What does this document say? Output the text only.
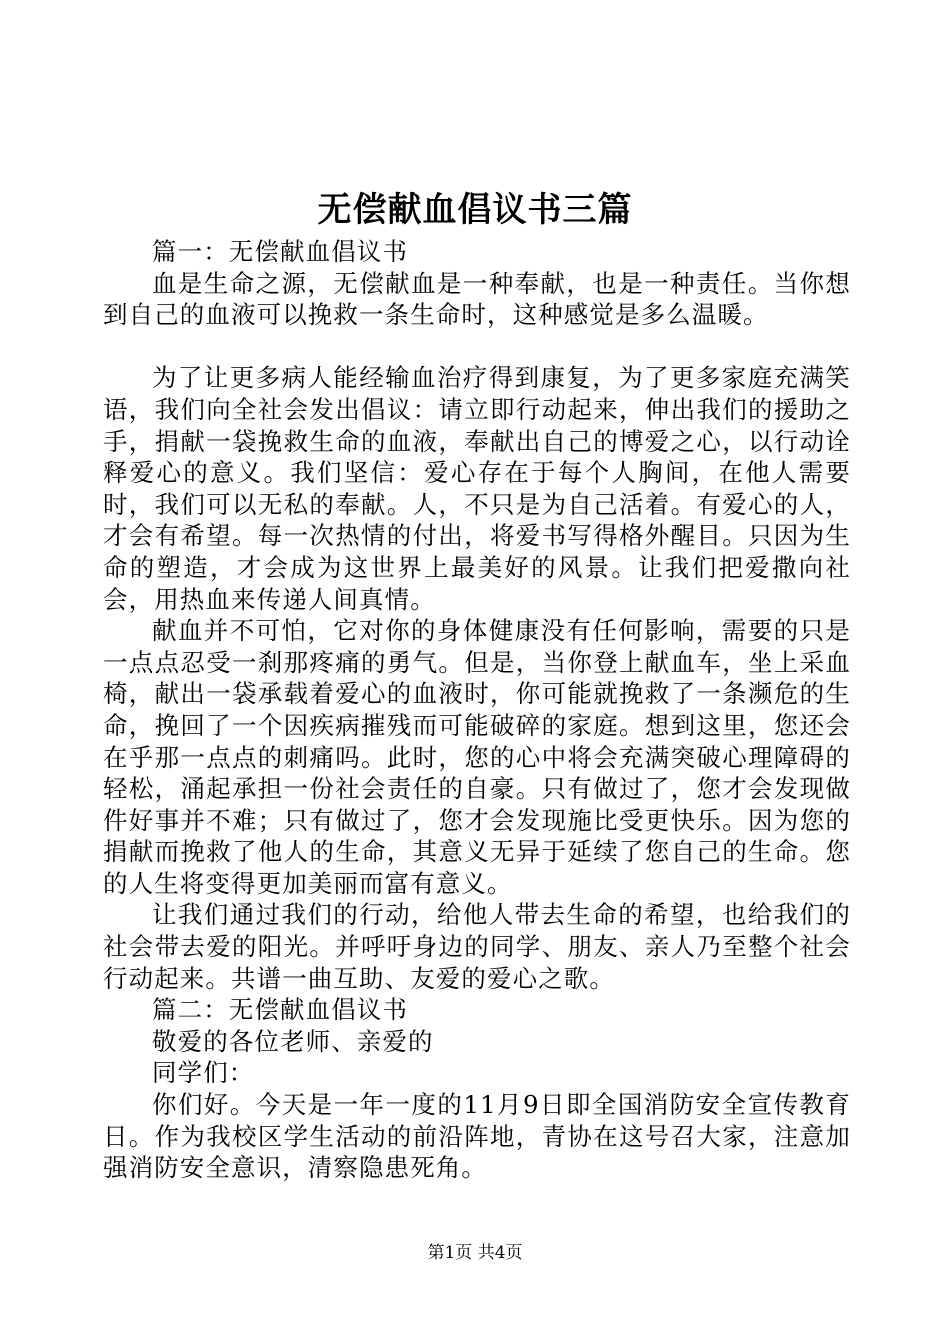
无偿献血倡议书三篇

篇一：无偿献血倡议书

血是生命之源，无偿献血是一种奉献，也是一种责任。当你想到自己的血液可以挽救一条生命时，这种感觉是多么温暖。

为了让更多病人能经输血治疗得到康复，为了更多家庭充满笑语，我们向全社会发出倡议：请立即行动起来，伸出我们的援助之手，捐献一袋挽救生命的血液，奉献出自己的博爱之心，以行动诠释爱心的意义。我们坚信：爱心存在于每个人胸间，在他人需要时，我们可以无私的奉献。人，不只是为自己活着。有爱心的人，才会有希望。每一次热情的付出，将爱书写得格外醒目。只因为生命的塑造，才会成为这世界上最美好的风景。让我们把爱撒向社会，用热血来传递人间真情。

献血并不可怕，它对你的身体健康没有任何影响，需要的只是一点点忍受一刹那疼痛的勇气。但是，当你登上献血车，坐上采血椅，献出一袋承载着爱心的血液时，你可能就挽救了一条濒危的生命，挽回了一个因疾病摧残而可能破碎的家庭。想到这里，您还会在乎那一点点的刺痛吗。此时，您的心中将会充满突破心理障碍的轻松，涌起承担一份社会责任的自豪。只有做过了，您才会发现做件好事并不难；只有做过了，您才会发现施比受更快乐。因为您的捐献而挽救了他人的生命，其意义无异于延续了您自己的生命。您的人生将变得更加美丽而富有意义。

让我们通过我们的行动，给他人带去生命的希望，也给我们的社会带去爱的阳光。并呼吁身边的同学、朋友、亲人乃至整个社会行动起来。共谱一曲互助、友爱的爱心之歌。

篇二：无偿献血倡议书

敬爱的各位老师、亲爱的

同学们：

你们好。今天是一年一度的11月9日即全国消防安全宣传教育日。作为我校区学生活动的前沿阵地，青协在这号召大家，注意加强消防安全意识，清察隐患死角。

第1页 共4页
